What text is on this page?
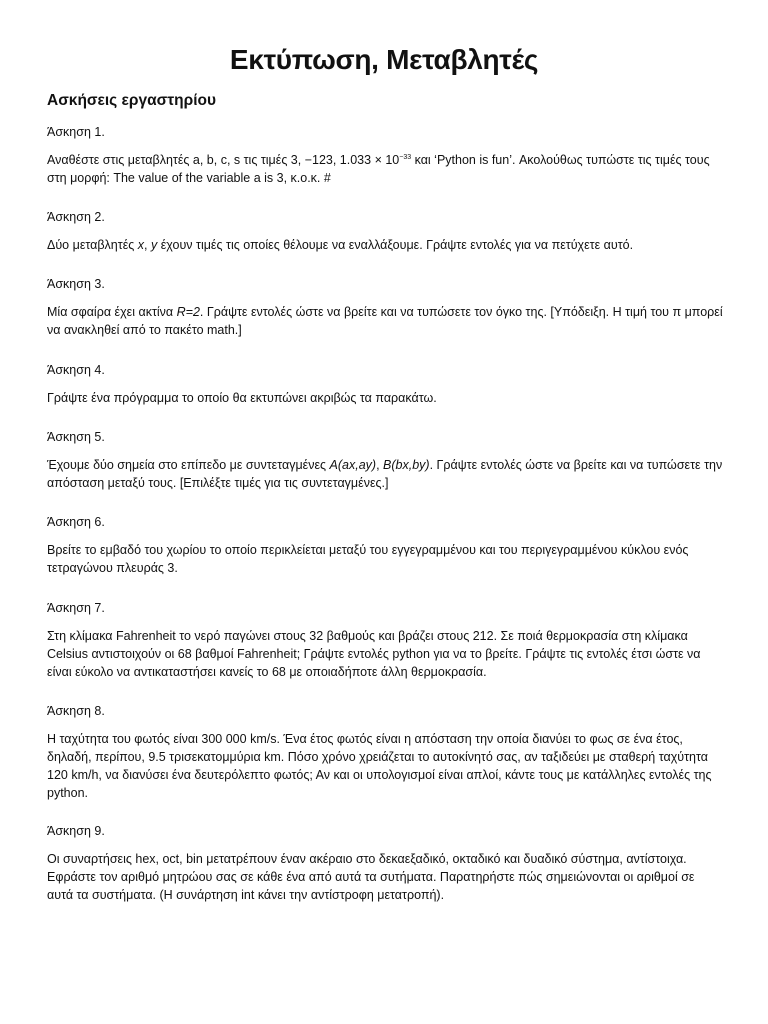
Εκτύπωση, Μεταβλητές
Ασκήσεις εργαστηρίου

Άσκηση 1.

Αναθέστε στις μεταβλητές a, b, c, s τις τιμές 3, −123, $1.033 \times 10^{-33}$ και ‘Python is fun’. Ακολούθως τυπώστε τις τιμές τους στη μορφή: The value of the variable a is 3, κ.ο.κ. #

Άσκηση 2.

Δύο μεταβλητές x, y έχουν τιμές τις οποίες θέλουμε να εναλλάξουμε. Γράψτε εντολές για να πετύχετε αυτό.

Άσκηση 3.

Μία σφαίρα έχει ακτίνα R=2. Γράψτε εντολές ώστε να βρείτε και να τυπώσετε τον όγκο της. [Υπόδειξη. Η τιμή του π μπορεί να ανακληθεί από το πακέτο math.]

Άσκηση 4.

Γράψτε ένα πρόγραμμα το οποίο θα εκτυπώνει ακριβώς τα παρακάτω.

Άσκηση 5.

Έχουμε δύο σημεία στο επίπεδο με συντεταγμένες A(ax,ay), B(bx,by). Γράψτε εντολές ώστε να βρείτε και να τυπώσετε την απόσταση μεταξύ τους. [Επιλέξτε τιμές για τις συντεταγμένες.]

Άσκηση 6.

Βρείτε το εμβαδό του χωρίου το οποίο περικλείεται μεταξύ του εγγεγραμμένου και του περιγεγραμμένου κύκλου ενός τετραγώνου πλευράς 3.

Άσκηση 7.

Στη κλίμακα Fahrenheit το νερό παγώνει στους 32 βαθμούς και βράζει στους 212. Σε ποιά θερμοκρασία στη κλίμακα Celsius αντιστοιχούν οι 68 βαθμοί Fahrenheit; Γράψτε εντολές python για να το βρείτε. Γράψτε τις εντολές έτσι ώστε να είναι εύκολο να αντικαταστήσει κανείς το 68 με οποιαδήποτε άλλη θερμοκρασία.

Άσκηση 8.

Η ταχύτητα του φωτός είναι 300 000 km/s. Ένα έτος φωτός είναι η απόσταση την οποία διανύει το φως σε ένα έτος, δηλαδή, περίπου, 9.5 τρισεκατομμύρια km. Πόσο χρόνο χρειάζεται το αυτοκίνητό σας, αν ταξιδεύει με σταθερή ταχύτητα 120 km/h, να διανύσει ένα δευτερόλεπτο φωτός; Αν και οι υπολογισμοί είναι απλοί, κάντε τους με κατάλληλες εντολές της python.

Άσκηση 9.

Οι συναρτήσεις hex, oct, bin μετατρέπουν έναν ακέραιο στο δεκαεξαδικό, οκταδικό και δυαδικό σύστημα, αντίστοιχα. Εφράστε τον αριθμό μητρώου σας σε κάθε ένα από αυτά τα συτήματα. Παρατηρήστε πώς σημειώνονται οι αριθμοί σε αυτά τα συστήματα. (Η συνάρτηση int κάνει την αντίστροφη μετατροπή).
